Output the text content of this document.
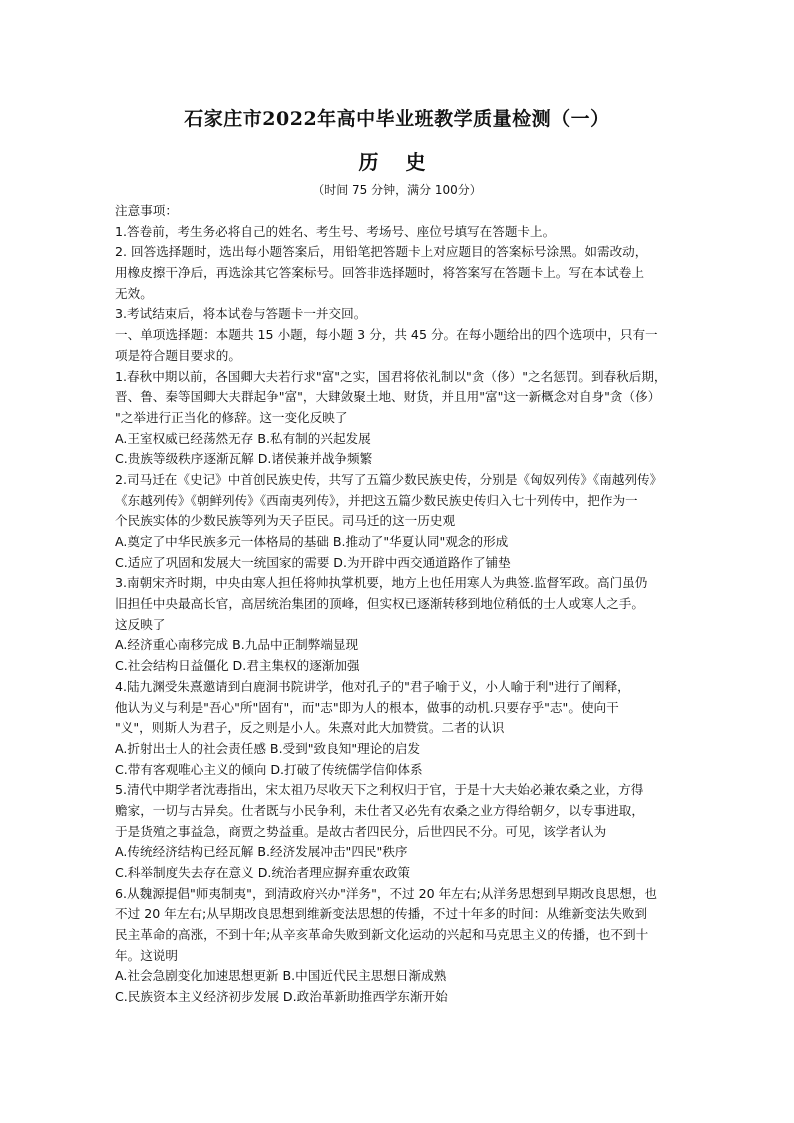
石家庄市2022年高中毕业班教学质量检测（一）
历 史
（时间 75 分钟，满分 100分）
注意事项：
1.答卷前，考生务必将自己的姓名、考生号、考场号、座位号填写在答题卡上。
2. 回答选择题时，选出每小题答案后，用铅笔把答题卡上对应题目的答案标号涂黑。如需改动，
用橡皮擦干净后，再选涂其它答案标号。回答非选择题时，将答案写在答题卡上。写在本试卷上
无效。
3.考试结束后，将本试卷与答题卡一并交回。
一、单项选择题：本题共 15 小题，每小题 3 分，共 45 分。在每小题给出的四个选项中，只有一
项是符合题目要求的。
1.春秋中期以前，各国卿大夫若行求"富"之实，国君将依礼制以"贪（侈）"之名惩罚。到春秋后期，
晋、鲁、秦等国卿大夫群起争"富"，大肆敛聚土地、财货，并且用"富"这一新概念对自身"贪（侈）
"之举进行正当化的修辞。这一变化反映了
A.王室权威已经荡然无存 B.私有制的兴起发展
C.贵族等级秩序逐渐瓦解 D.诸侯兼并战争频繁
2.司马迁在《史记》中首创民族史传，共写了五篇少数民族史传，分别是《匈奴列传》《南越列传》
《东越列传》《朝鲜列传》《西南夷列传》，并把这五篇少数民族史传归入七十列传中，把作为一
个民族实体的少数民族等列为天子臣民。司马迁的这一历史观
A.奠定了中华民族多元一体格局的基础 B.推动了"华夏认同"观念的形成
C.适应了巩固和发展大一统国家的需要 D.为开辟中西交通道路作了铺垫
3.南朝宋齐时期，中央由寒人担任将帅执掌机要，地方上也任用寒人为典签.监督军政。高门虽仍
旧担任中央最高长官，高居统治集团的顶峰，但实权已逐渐转移到地位稍低的士人或寒人之手。
这反映了
A.经济重心南移完成 B.九品中正制弊端显现
C.社会结构日益僵化 D.君主集权的逐渐加强
4.陆九渊受朱熹邀请到白鹿洞书院讲学，他对孔子的"君子喻于义，小人喻于利"进行了阐释，
他认为义与利是"吾心"所"固有"，而"志"即为人的根本，做事的动机.只要存乎"志"。使向干
"义"，则斯人为君子，反之则是小人。朱熹对此大加赞赏。二者的认识
A.折射出士人的社会责任感 B.受到"致良知"理论的启发
C.带有客观唯心主义的倾向 D.打破了传统儒学信仰体系
5.清代中期学者沈毒指出，宋太祖乃尽收天下之利权归于官，于是十大夫始必兼农桑之业，方得
赡家，一切与古异矣。仕者既与小民争利，未仕者又必先有农桑之业方得给朝夕，以专事进取，
于是货殖之事益急，商贾之势益重。是故古者四民分，后世四民不分。可见，该学者认为
A.传统经济结构已经瓦解 B.经济发展冲击"四民"秩序
C.科举制度失去存在意义 D.统治者理应摒弃重农政策
6.从魏源提倡"师夷制夷"，到清政府兴办"洋务"，不过 20 年左右;从洋务思想到早期改良思想，也
不过 20 年左右;从早期改良思想到维新变法思想的传播，不过十年多的时间：从维新变法失败到
民主革命的高涨，不到十年;从辛亥革命失败到新文化运动的兴起和马克思主义的传播，也不到十
年。这说明
A.社会急剧变化加速思想更新 B.中国近代民主思想日渐成熟
C.民族资本主义经济初步发展 D.政治革新助推西学东渐开始
